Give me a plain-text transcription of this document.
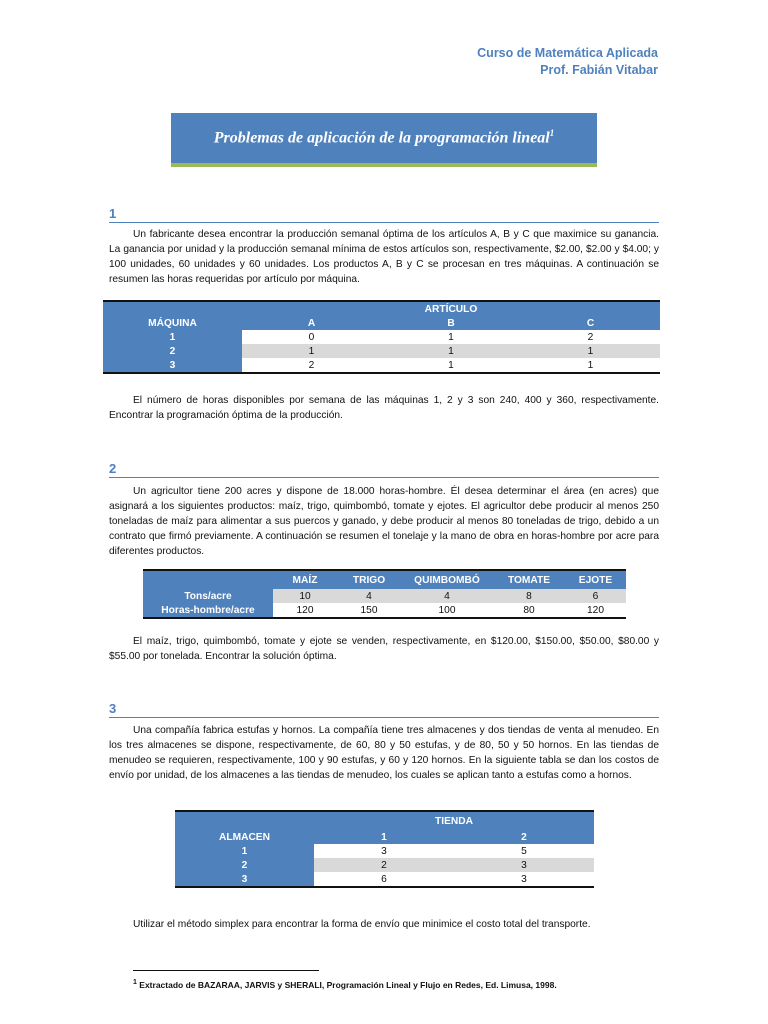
Curso de Matemática Aplicada
Prof. Fabián Vitabar
Problemas de aplicación de la programación lineal$^1$
1
Un fabricante desea encontrar la producción semanal óptima de los artículos A, B y C que maximice su ganancia. La ganancia por unidad y la producción semanal mínima de estos artículos son, respectivamente, $2.00, $2.00 y $4.00; y 100 unidades, 60 unidades y 60 unidades. Los productos A, B y C se procesan en tres máquinas. A continuación se resumen las horas requeridas por artículo por máquina.
	ARTÍCULO		
MÁQUINA	A	B	C
1	0	1	2
2	1	1	1
3	2	1	1
El número de horas disponibles por semana de las máquinas 1, 2 y 3 son 240, 400 y 360, respectivamente. Encontrar la programación óptima de la producción.
2
Un agricultor tiene 200 acres y dispone de 18.000 horas-hombre. Él desea determinar el área (en acres) que asignará a los siguientes productos: maíz, trigo, quimbombó, tomate y ejotes. El agricultor debe producir al menos 250 toneladas de maíz para alimentar a sus puercos y ganado, y debe producir al menos 80 toneladas de trigo, debido a un contrato que firmó previamente. A continuación se resumen el tonelaje y la mano de obra en horas-hombre por acre para diferentes productos.
	MAÍZ	TRIGO	QUIMBOMBÓ	TOMATE	EJOTE
Tons/acre	10	4	4	8	6
Horas-hombre/acre	120	150	100	80	120
El maíz, trigo, quimbombó, tomate y ejote se venden, respectivamente, en $120.00, $150.00, $50.00, $80.00 y $55.00 por tonelada. Encontrar la solución óptima.
3
Una compañía fabrica estufas y hornos. La compañía tiene tres almacenes y dos tiendas de venta al menudeo. En los tres almacenes se dispone, respectivamente, de 60, 80 y 50 estufas, y de 80, 50 y 50 hornos. En las tiendas de menudeo se requieren, respectivamente, 100 y 90 estufas, y 60 y 120 hornos. En la siguiente tabla se dan los costos de envío por unidad, de los almacenes a las tiendas de menudeo, los cuales se aplican tanto a estufas como a hornos.
	TIENDA	
ALMACEN	1	2
1	3	5
2	2	3
3	6	3
Utilizar el método simplex para encontrar la forma de envío que minimice el costo total del transporte.
$^1$ Extractado de BAZARAA, JARVIS y SHERALI, Programación Lineal y Flujo en Redes, Ed. Limusa, 1998.
